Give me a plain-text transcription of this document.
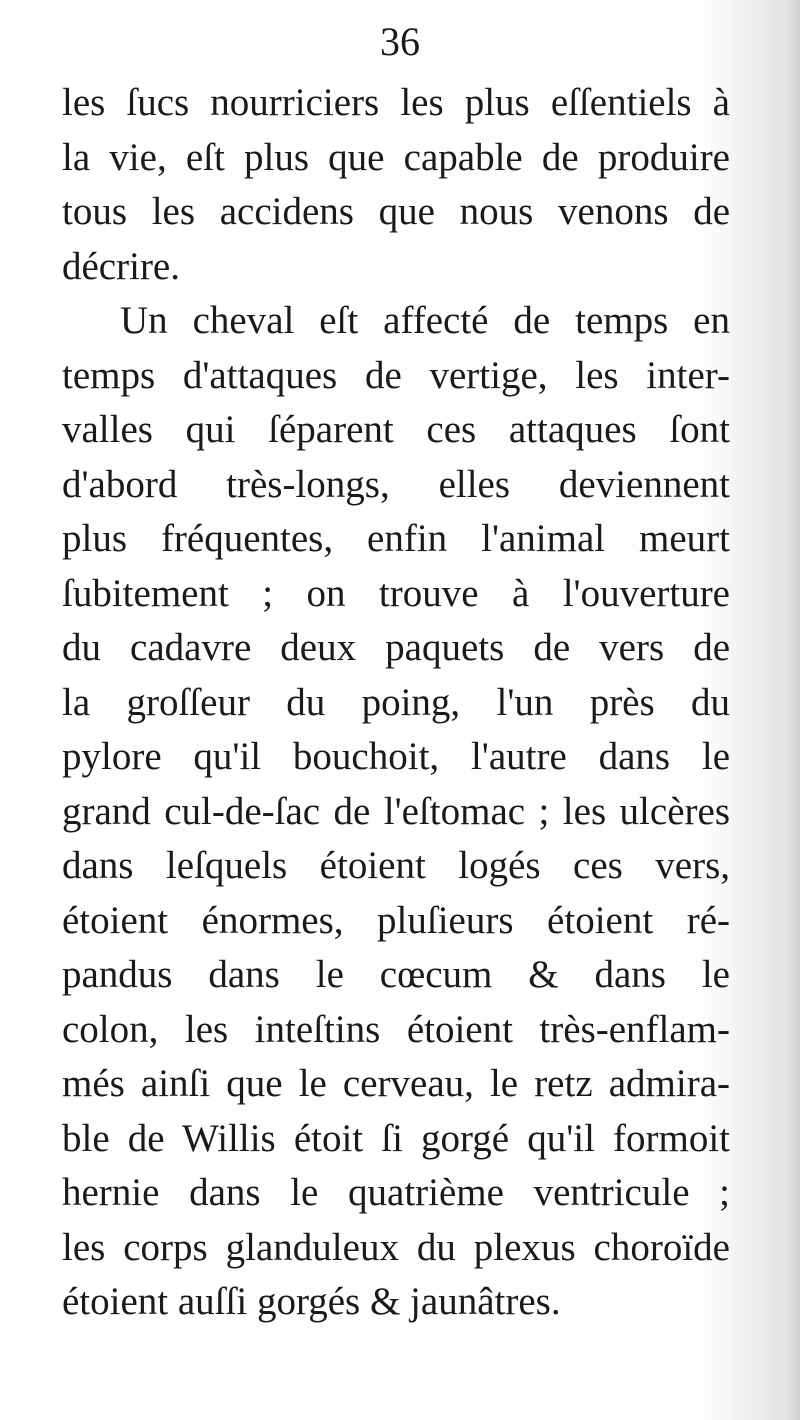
36
les ſucs nourriciers les plus eſſentiels à
la vie, eſt plus que capable de produire
tous les accidens que nous venons de
décrire.
Un cheval eſt affecté de temps en
temps d'attaques de vertige, les inter-
valles qui ſéparent ces attaques ſont
d'abord très-longs, elles deviennent
plus fréquentes, enfin l'animal meurt
ſubitement ; on trouve à l'ouverture
du cadavre deux paquets de vers de
la groſſeur du poing, l'un près du
pylore qu'il bouchoit, l'autre dans le
grand cul-de-ſac de l'eſtomac ; les ulcères
dans leſquels étoient logés ces vers,
étoient énormes, pluſieurs étoient ré-
pandus dans le cœcum & dans le
colon, les inteſtins étoient très-enflam-
més ainſi que le cerveau, le retz admira-
ble de Willis étoit ſi gorgé qu'il formoit
hernie dans le quatrième ventricule ;
les corps glanduleux du plexus choroïde
étoient auſſi gorgés & jaunâtres.
